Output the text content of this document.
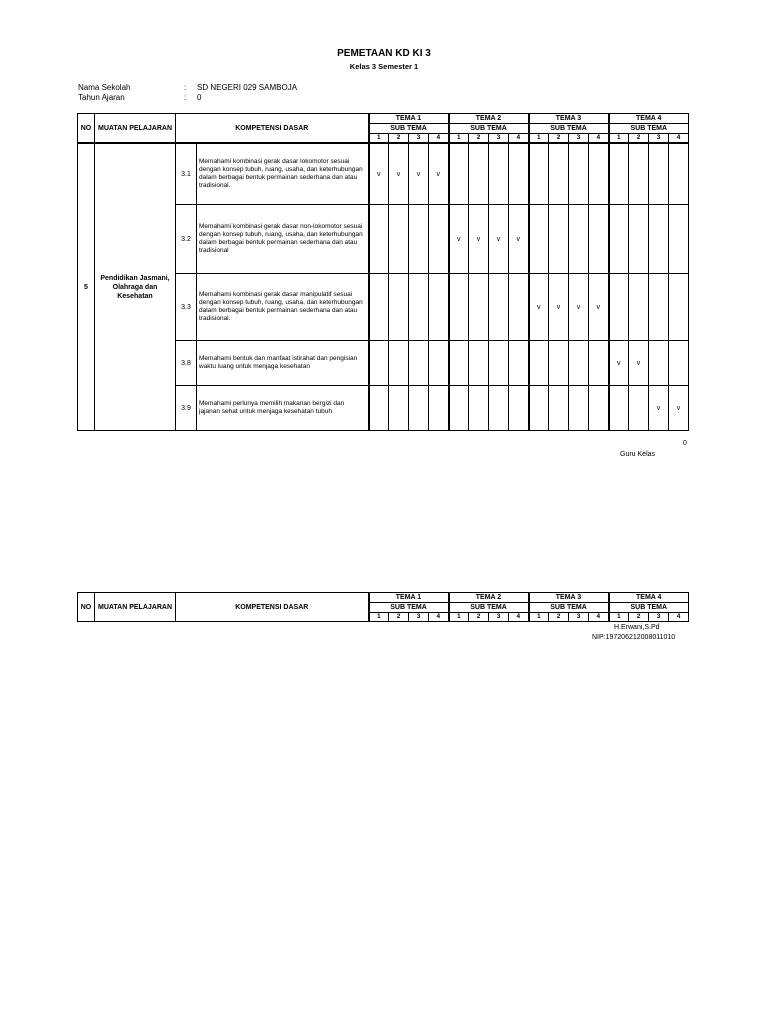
PEMETAAN KD KI 3
Kelas 3 Semester 1
Nama Sekolah	: SD NEGERI 029 SAMBOJA
Tahun Ajaran	: 0
NO	MUATAN PELAJARAN	KOMPETENSI DASAR		TEMA 1				TEMA 2				TEMA 3				TEMA 4			
				SUB TEMA				SUB TEMA				SUB TEMA				SUB TEMA			
				1	2	3	4	1	2	3	4	1	2	3	4	1	2	3	4
5	Pendidikan Jasmani, Olahraga dan Kesehatan	3.1	Memahami kombinasi gerak dasar lokomotor sesuai dengan konsep tubuh, ruang, usaha, dan keterhubungan dalam berbagai bentuk permainan sederhana dan atau tradisional.	v	v	v	v												
		3.2	Memahami kombinasi gerak dasar non-lokomotor sesuai dengan konsep tubuh, ruang, usaha, dan keterhubungan dalam berbagai bentuk permainan sederhana dan atau tradisional					v	v	v	v								
		3.3	Memahami kombinasi gerak dasar manipulatif sesuai dengan konsep tubuh, ruang, usaha, dan keterhubungan dalam berbagai bentuk permainan sederhana dan atau tradisional.									v	v	v	v				
		3.8	Memahami bentuk dan manfaat istirahat dan pengisian waktu luang untuk menjaga kesehatan													v	v		
		3.9	Memahami perlunya memilih makanan bergizi dan jajanan sehat untuk menjaga kesehatan tubuh															v	v
0
Guru Kelas
NO	MUATAN PELAJARAN	KOMPETENSI DASAR	TEMA 1				TEMA 2				TEMA 3				TEMA 4			
			SUB TEMA				SUB TEMA				SUB TEMA				SUB TEMA			
			1	2	3	4	1	2	3	4	1	2	3	4	1	2	3	4
H.Erwani,S.Pd
NIP:197206212008011010
